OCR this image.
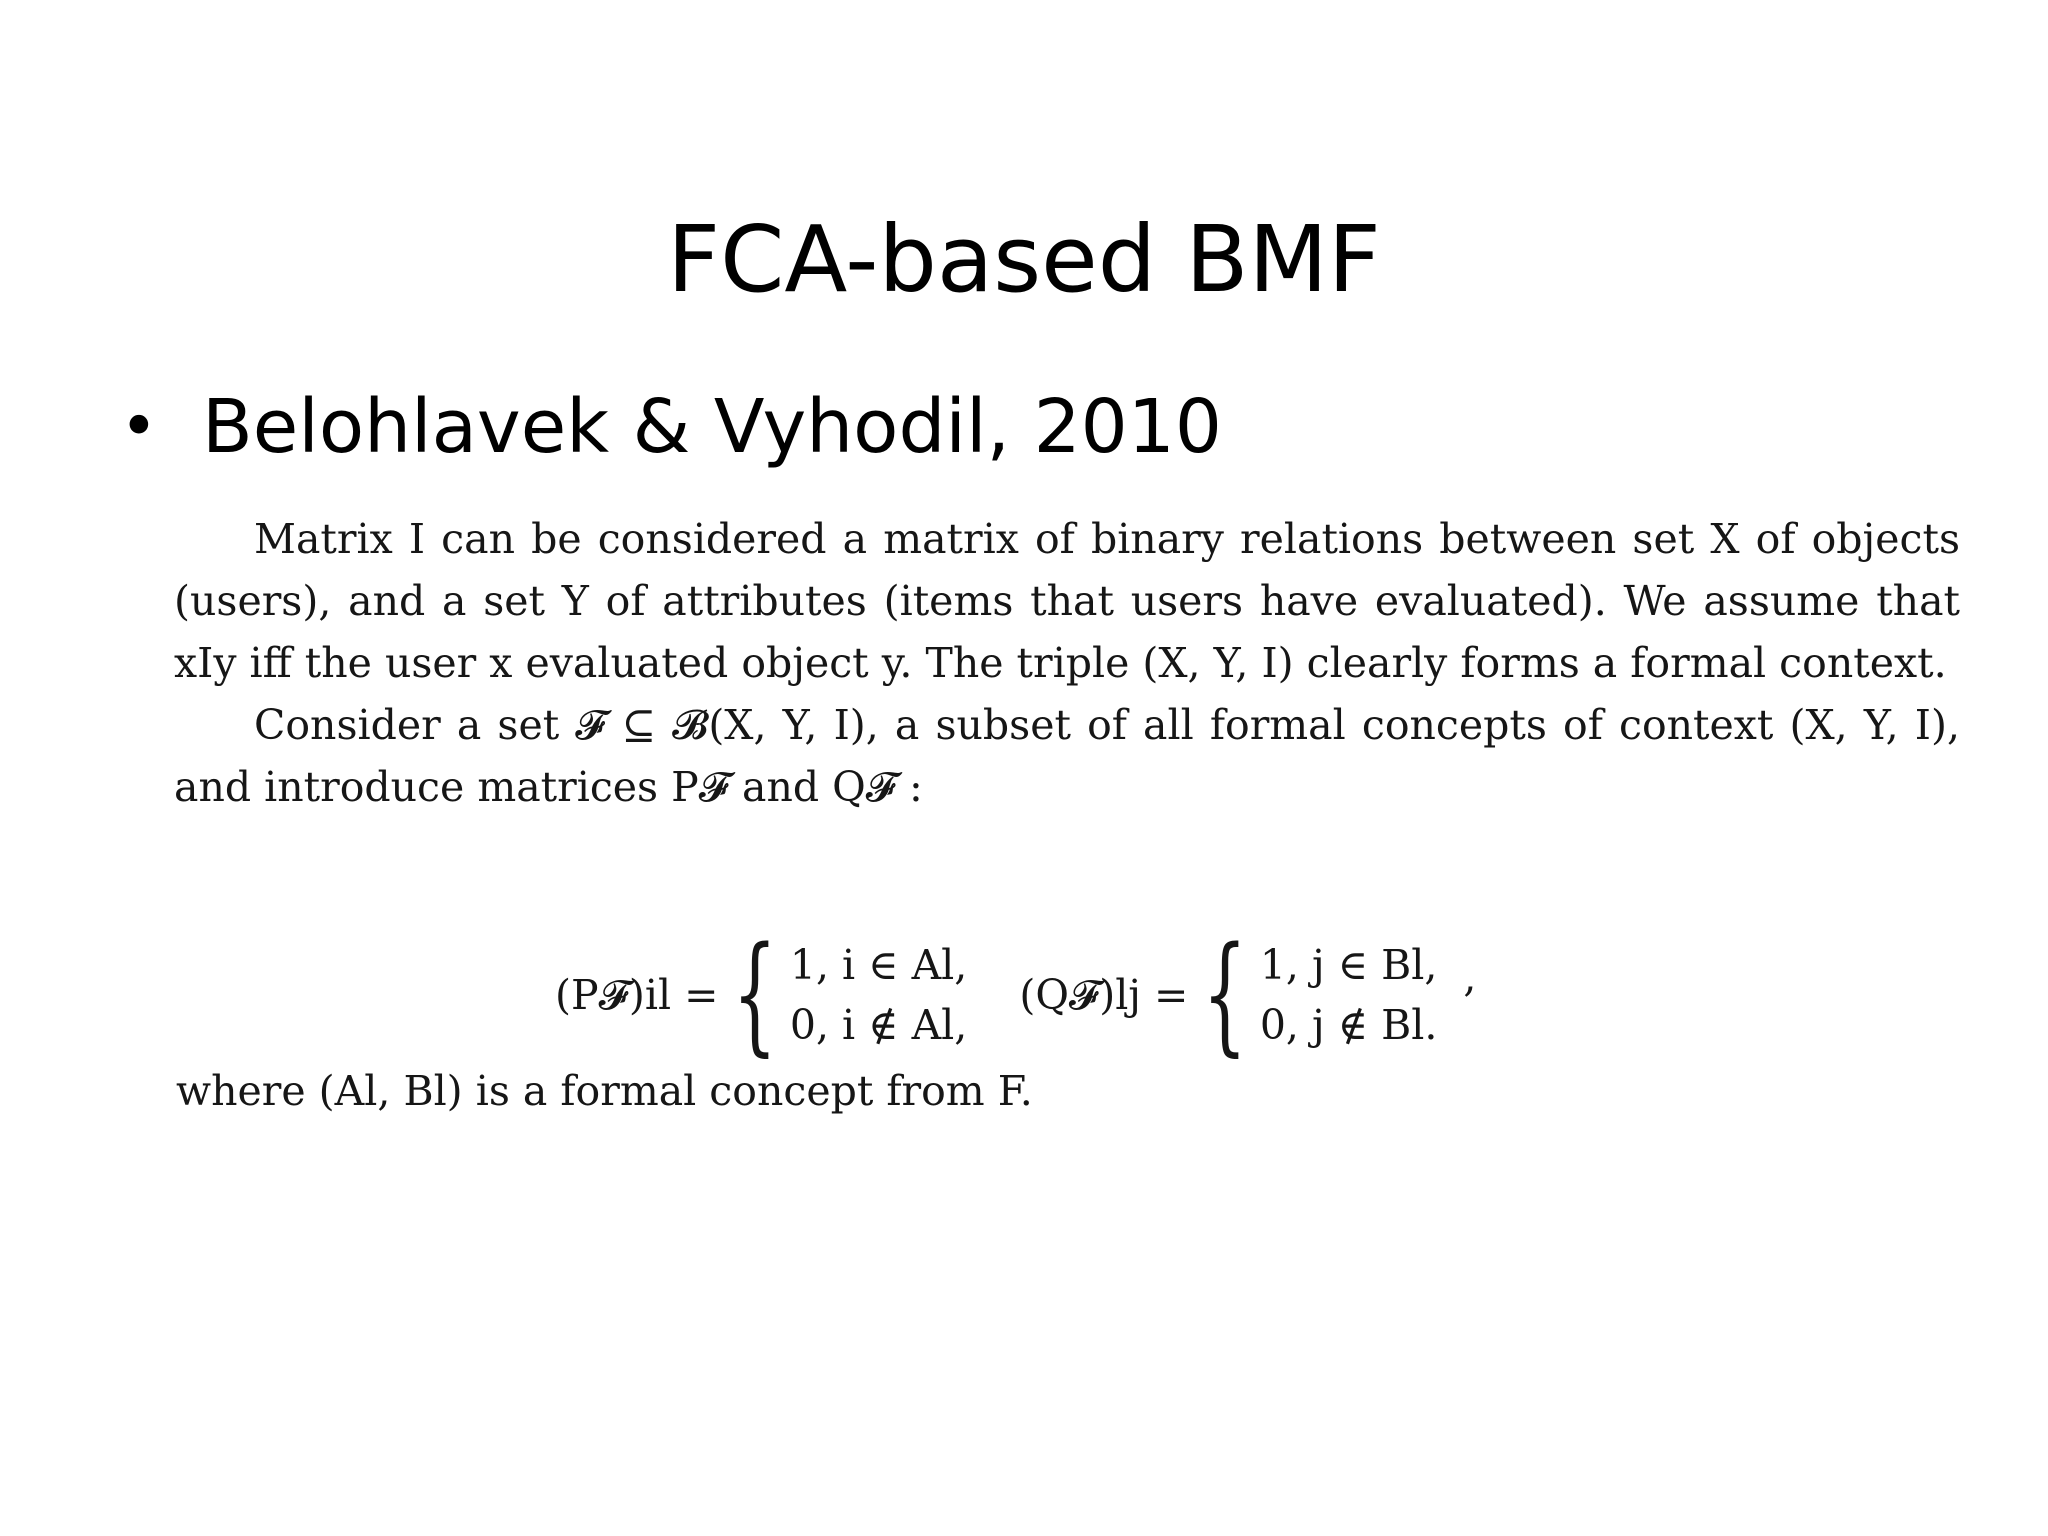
FCA-based BMF
• Belohlavek & Vyhodil, 2010

Matrix I can be considered a matrix of binary relations between set X of objects (users), and a set Y of attributes (items that users have evaluated). We assume that xIy iff the user x evaluated object y. The triple (X, Y, I) clearly forms a formal context.

Consider a set 𝓕 ⊆ 𝓑(X, Y, I), a subset of all formal concepts of context (X, Y, I), and introduce matrices P𝓕 and Q𝓕 :

(P𝓕)il = { 1, i ∈ Al,
0, i ∉ Al,
(Q𝓕)lj = { 1, j ∈ Bl,
0, j ∉ Bl.
,
where (Al, Bl) is a formal concept from F.
